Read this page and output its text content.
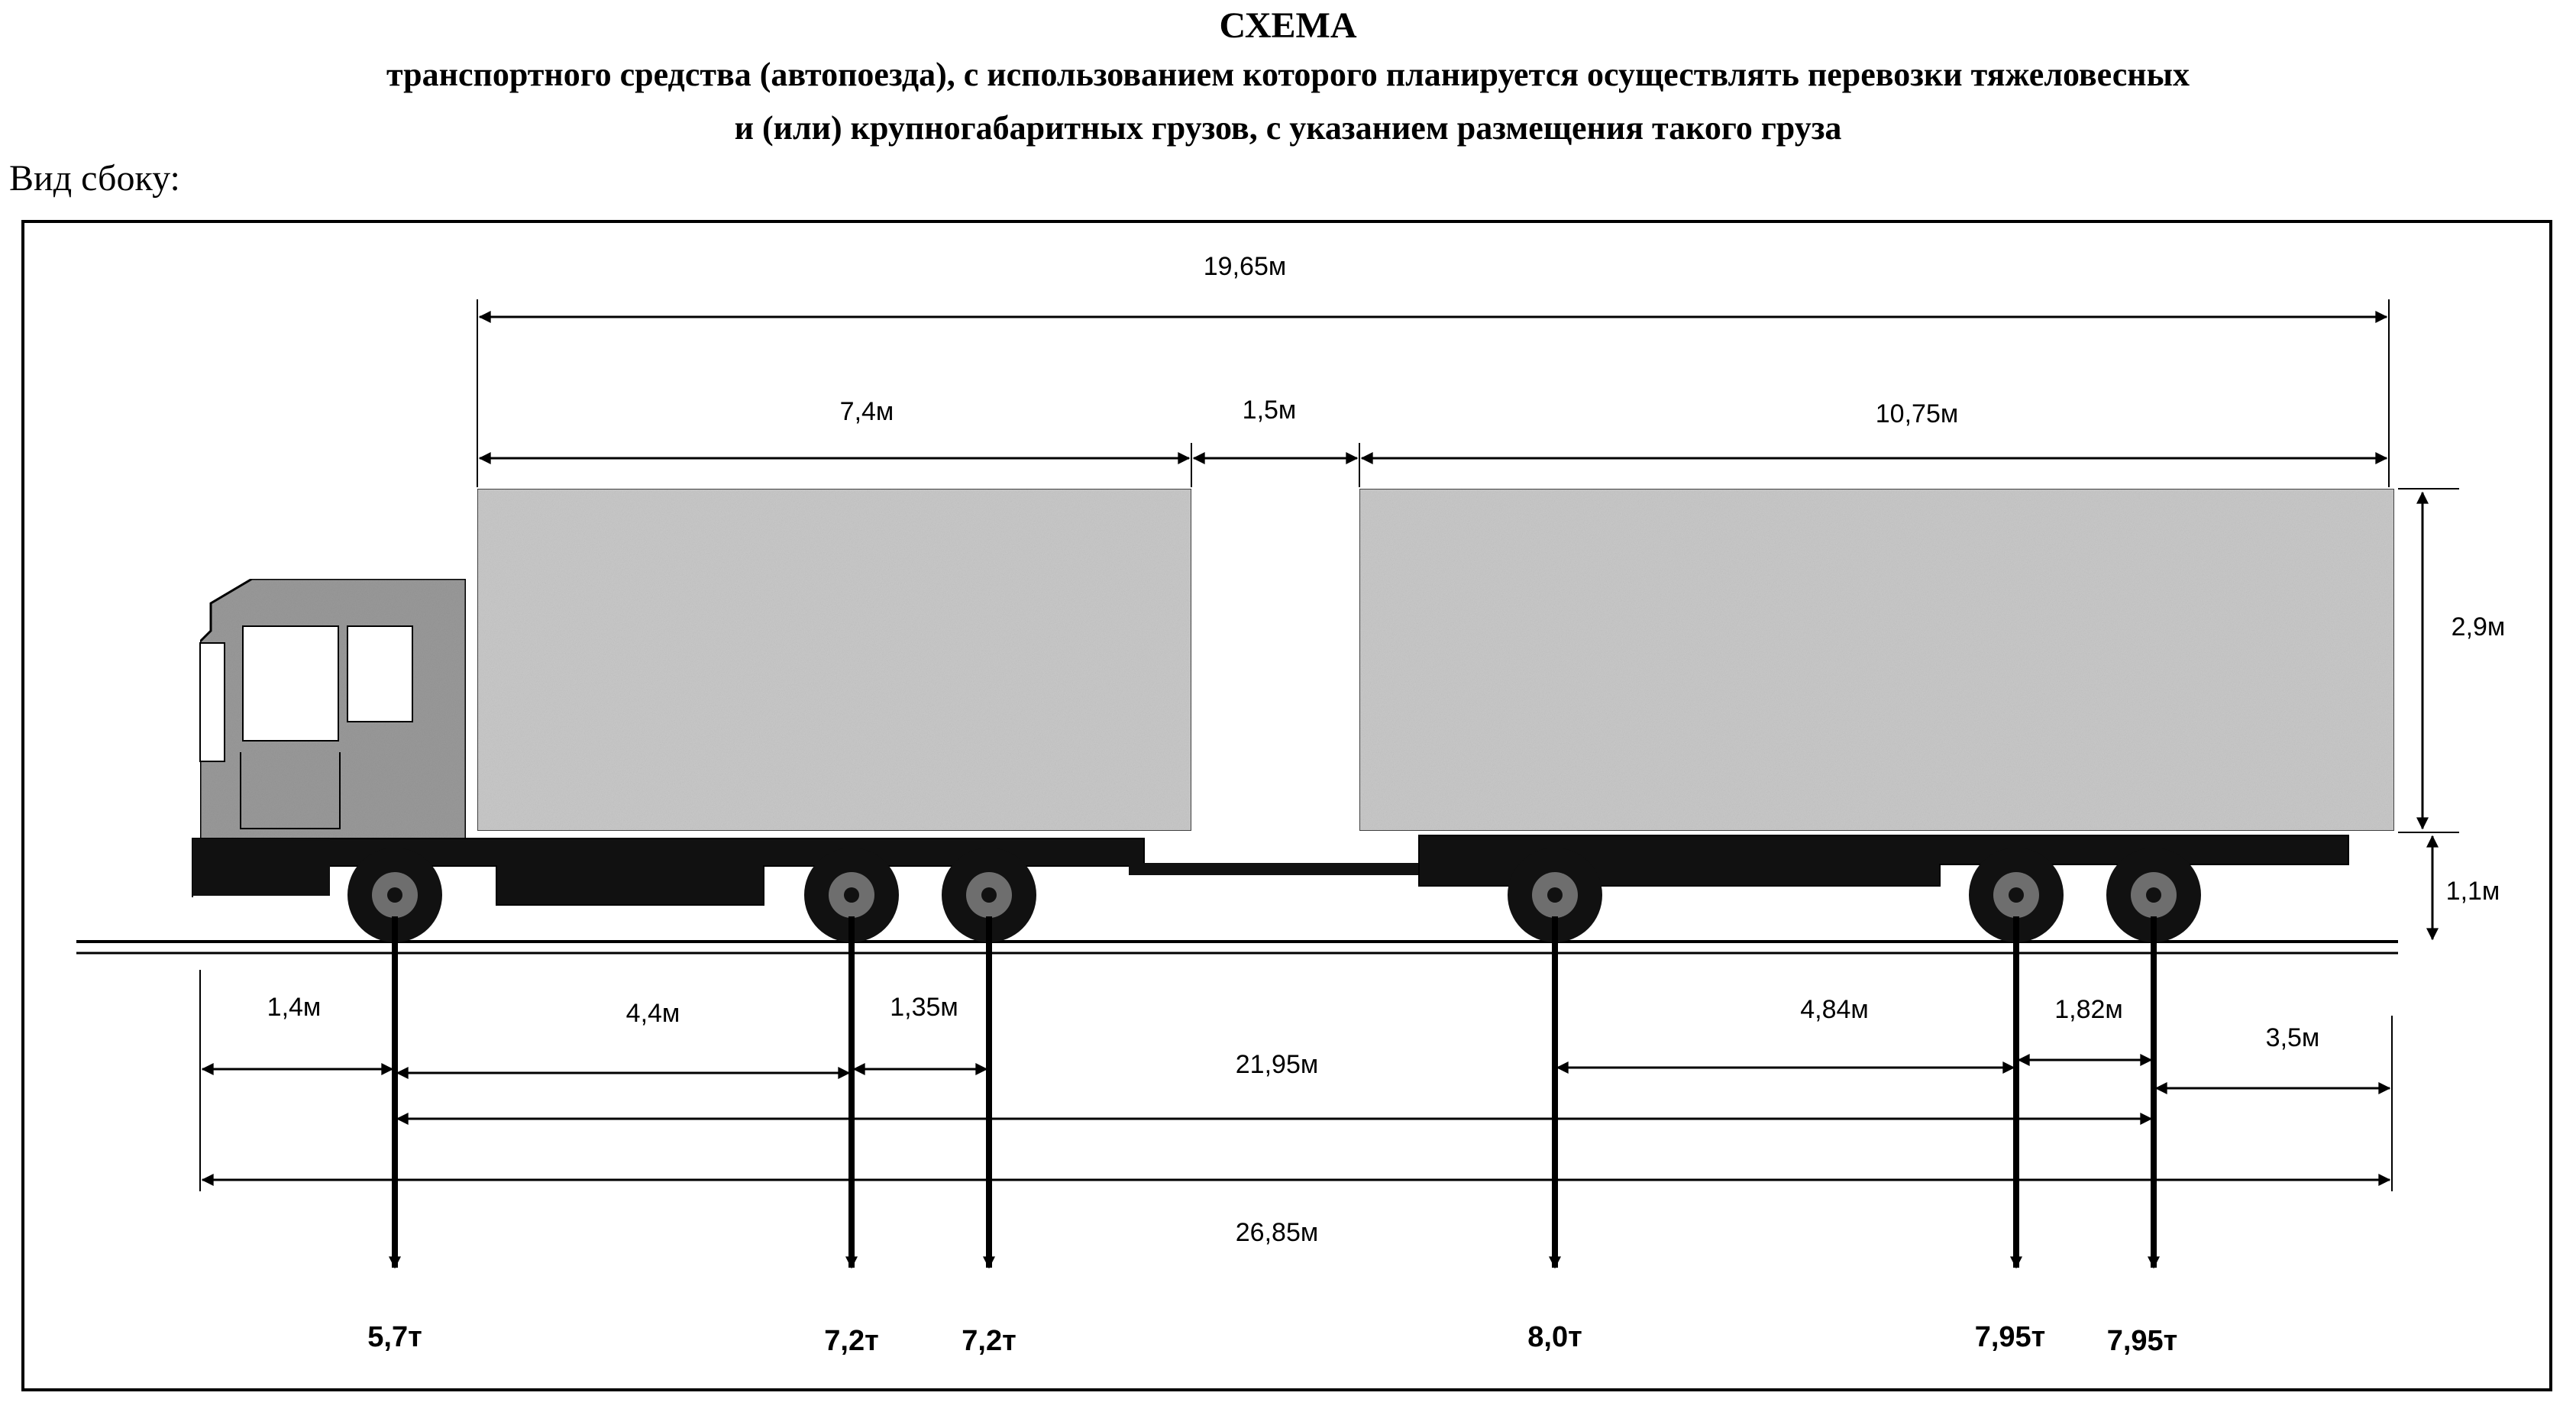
СХЕМА
транспортного средства (автопоезда), с использованием которого планируется осуществлять перевозки тяжеловесных
и (или) крупногабаритных грузов, с указанием размещения такого груза
Вид сбоку:
19,65м
7,4м	1,5м	10,75м
2,9м
1,1м
1,4м	4,4м	1,35м	4,84м	1,82м
3,5м
21,95м
26,85м
5,7т	7,2т	7,2т	8,0т	7,95т 7,95т
